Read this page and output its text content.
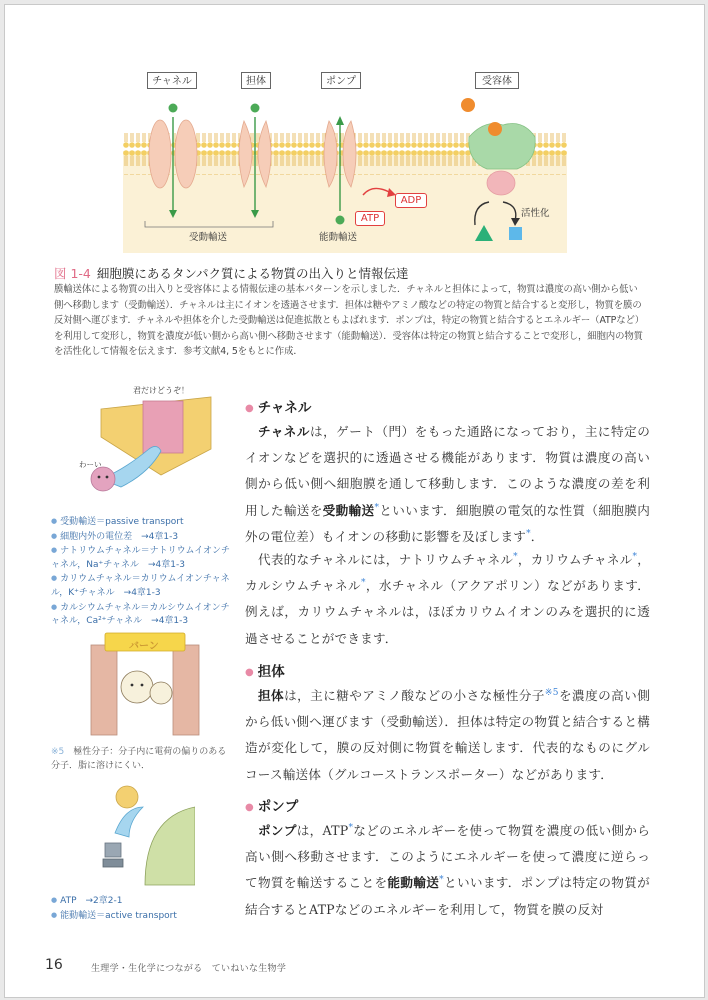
チャネル	担体	ポンプ	受容体
ATP
ADP
受動輸送	能動輸送
活性化
図 1-4 細胞膜にあるタンパク質による物質の出入りと情報伝達
膜輸送体による物質の出入りと受容体による情報伝達の基本パターンを示しました．チャネルと担体によって，物質は濃度の高い側から低い側へ移動します（受動輸送）．チャネルは主にイオンを透過させます．担体は糖やアミノ酸などの特定の物質と結合すると変形し，物質を膜の反対側へ運びます．チャネルや担体を介した受動輸送は促進拡散ともよばれます．ポンプは，特定の物質と結合するとエネルギー（ATPなど）を利用して変形し，物質を濃度が低い側から高い側へ移動させます（能動輸送）．受容体は特定の物質と結合することで変形し，細胞内の物質を活性化して情報を伝えます．参考文献4, 5をもとに作成．
君だけどうぞ！
わーい

● 受動輸送＝passive transport

● 細胞内外の電位差　→4章1-3

● ナトリウムチャネル＝ナトリウムイオンチャネル，Na⁺チャネル　→4章1-3

● カリウムチャネル＝カリウムイオンチャネル，K⁺チャネル　→4章1-3

● カルシウムチャネル＝カルシウムイオンチャネル，Ca²⁺チャネル　→4章1-3

バーン
※5　 極性分子：分子内に電荷の偏りのある分子．脂に溶けにくい．

● ATP　→2章2-1

● 能動輸送＝active transport

● チャネル
チャネルは，ゲート（門）をもった通路になっており，主に特定のイオンなどを選択的に透過させる機能があります．物質は濃度の高い側から低い側へ細胞膜を通して移動します．このような濃度の差を利用した輸送を受動輸送*といいます．細胞膜の電気的な性質（細胞膜内外の電位差）もイオンの移動に影響を及ぼします*．
代表的なチャネルには，ナトリウムチャネル*，カリウムチャネル*，カルシウムチャネル*，水チャネル（アクアポリン）などがあります．例えば，カリウムチャネルは，ほぼカリウムイオンのみを選択的に透過させることができます．
● 担体
担体は，主に糖やアミノ酸などの小さな極性分子$^{※5}$を濃度の高い側から低い側へ運びます（受動輸送）．担体は特定の物質と結合すると構造が変化して，膜の反対側に物質を輸送します．代表的なものにグルコース輸送体（グルコーストランスポーター）などがあります．
● ポンプ
ポンプは，ATP*などのエネルギーを使って物質を濃度の低い側から高い側へ移動させます．このようにエネルギーを使って濃度に逆らって物質を輸送することを能動輸送*といいます．ポンプは特定の物質が結合するとATPなどのエネルギーを利用して，物質を膜の反対
16	生理学・生化学につながる　ていねいな生物学
